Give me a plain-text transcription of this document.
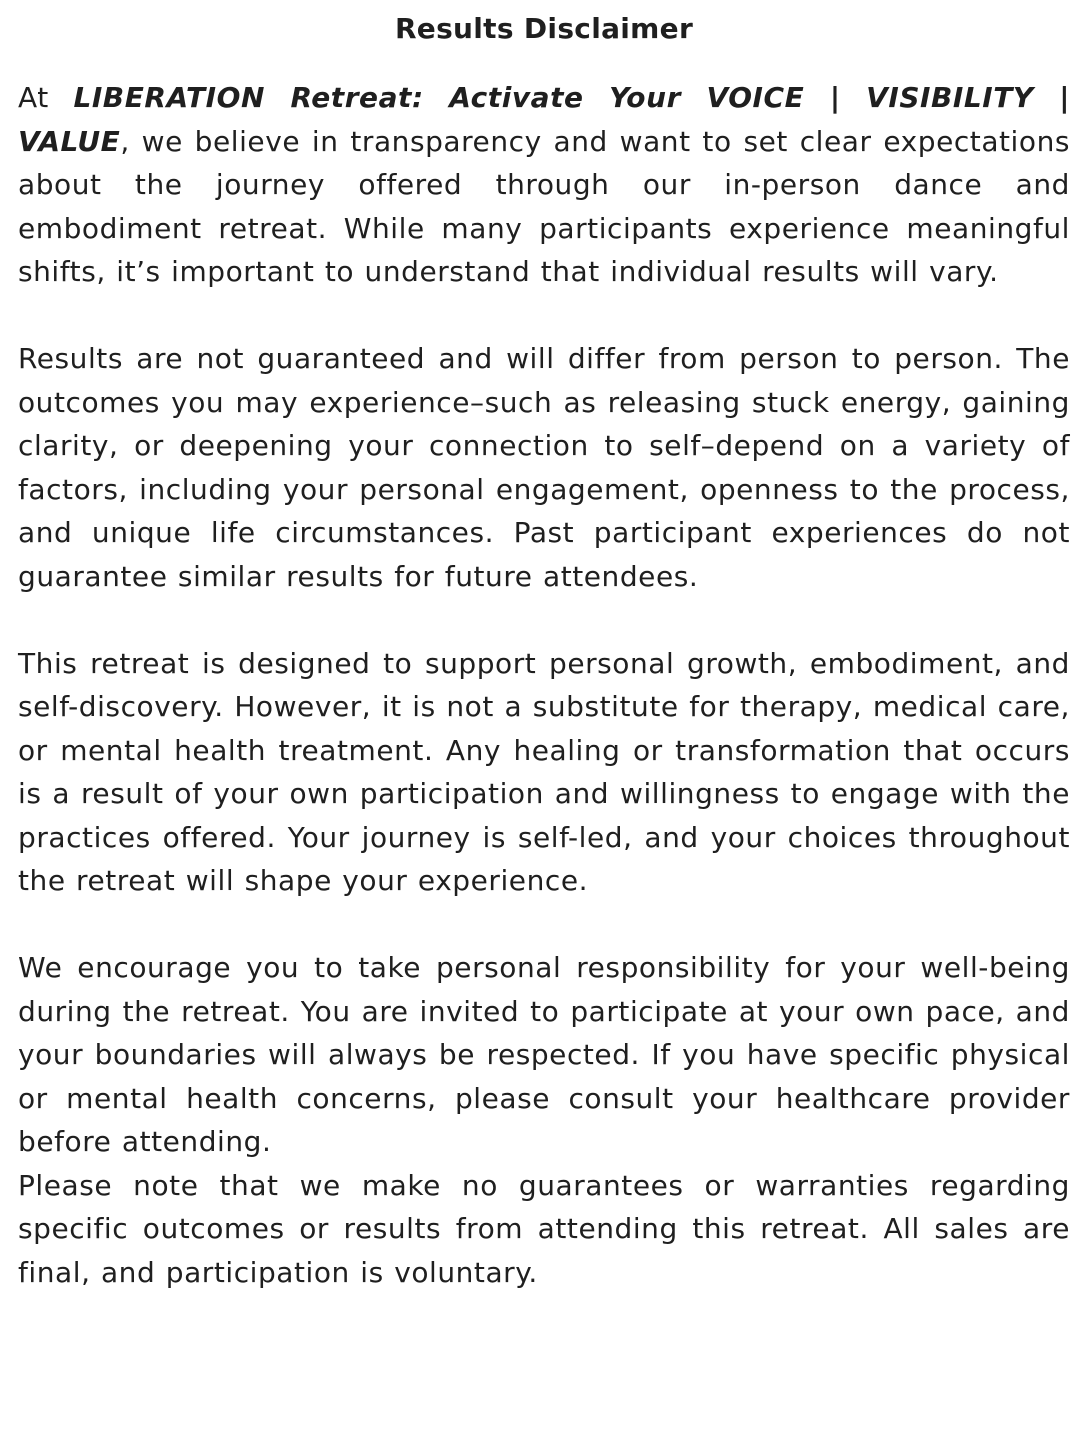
Results Disclaimer

At LIBERATION Retreat: Activate Your VOICE | VISIBILITY | VALUE, we believe in transparency and want to set clear expectations about the journey offered through our in-person dance and embodiment retreat. While many participants experience meaningful shifts, it’s important to understand that individual results will vary.

Results are not guaranteed and will differ from person to person. The outcomes you may experience–such as releasing stuck energy, gaining clarity, or deepening your connection to self–depend on a variety of factors, including your personal engagement, openness to the process, and unique life circumstances. Past participant experiences do not guarantee similar results for future attendees.

This retreat is designed to support personal growth, embodiment, and self-discovery. However, it is not a substitute for therapy, medical care, or mental health treatment. Any healing or transformation that occurs is a result of your own participation and willingness to engage with the practices offered. Your journey is self-led, and your choices throughout the retreat will shape your experience.

We encourage you to take personal responsibility for your well-being during the retreat. You are invited to participate at your own pace, and your boundaries will always be respected. If you have specific physical or mental health concerns, please consult your healthcare provider before attending.

Please note that we make no guarantees or warranties regarding specific outcomes or results from attending this retreat. All sales are final, and participation is voluntary.
